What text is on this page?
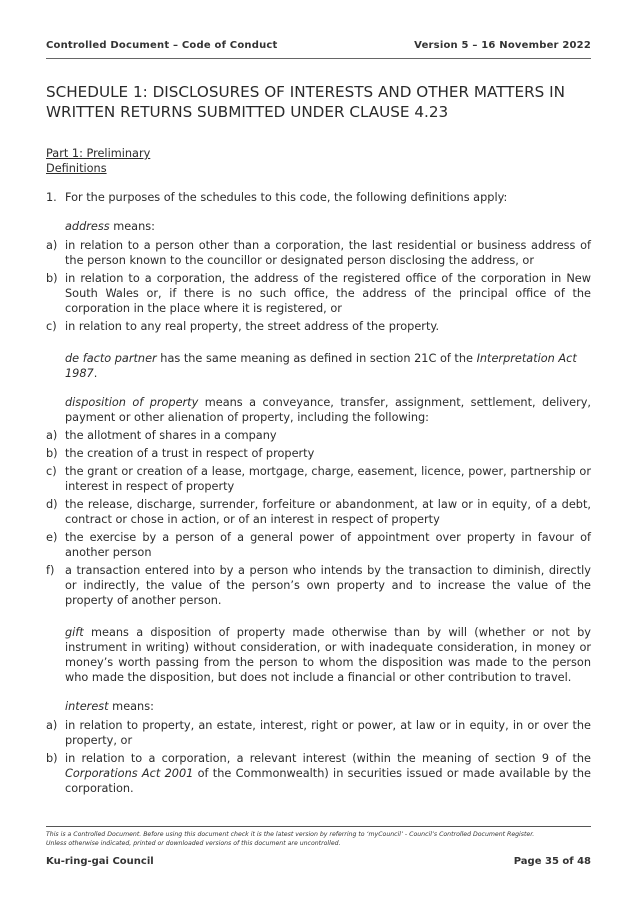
Controlled Document – Code of Conduct	Version 5 – 16 November 2022
SCHEDULE 1: DISCLOSURES OF INTERESTS AND OTHER MATTERS IN WRITTEN RETURNS SUBMITTED UNDER CLAUSE 4.23

Part 1: Preliminary

Definitions

1. For the purposes of the schedules to this code, the following definitions apply:

address means:

a) in relation to a person other than a corporation, the last residential or business address of the person known to the councillor or designated person disclosing the address, or
b) in relation to a corporation, the address of the registered office of the corporation in New South Wales or, if there is no such office, the address of the principal office of the corporation in the place where it is registered, or
c) in relation to any real property, the street address of the property.

de facto partner has the same meaning as defined in section 21C of the Interpretation Act 1987.

disposition of property means a conveyance, transfer, assignment, settlement, delivery, payment or other alienation of property, including the following:

a) the allotment of shares in a company
b) the creation of a trust in respect of property
c) the grant or creation of a lease, mortgage, charge, easement, licence, power, partnership or interest in respect of property
d) the release, discharge, surrender, forfeiture or abandonment, at law or in equity, of a debt, contract or chose in action, or of an interest in respect of property
e) the exercise by a person of a general power of appointment over property in favour of another person
f) a transaction entered into by a person who intends by the transaction to diminish, directly or indirectly, the value of the person’s own property and to increase the value of the property of another person.

gift means a disposition of property made otherwise than by will (whether or not by instrument in writing) without consideration, or with inadequate consideration, in money or money’s worth passing from the person to whom the disposition was made to the person who made the disposition, but does not include a financial or other contribution to travel.

interest means:

a) in relation to property, an estate, interest, right or power, at law or in equity, in or over the property, or
b) in relation to a corporation, a relevant interest (within the meaning of section 9 of the Corporations Act 2001 of the Commonwealth) in securities issued or made available by the corporation.
This is a Controlled Document. Before using this document check it is the latest version by referring to ‘myCouncil’ - Council’s Controlled Document Register.
Unless otherwise indicated, printed or downloaded versions of this document are uncontrolled.
Ku-ring-gai Council	Page 35 of 48
